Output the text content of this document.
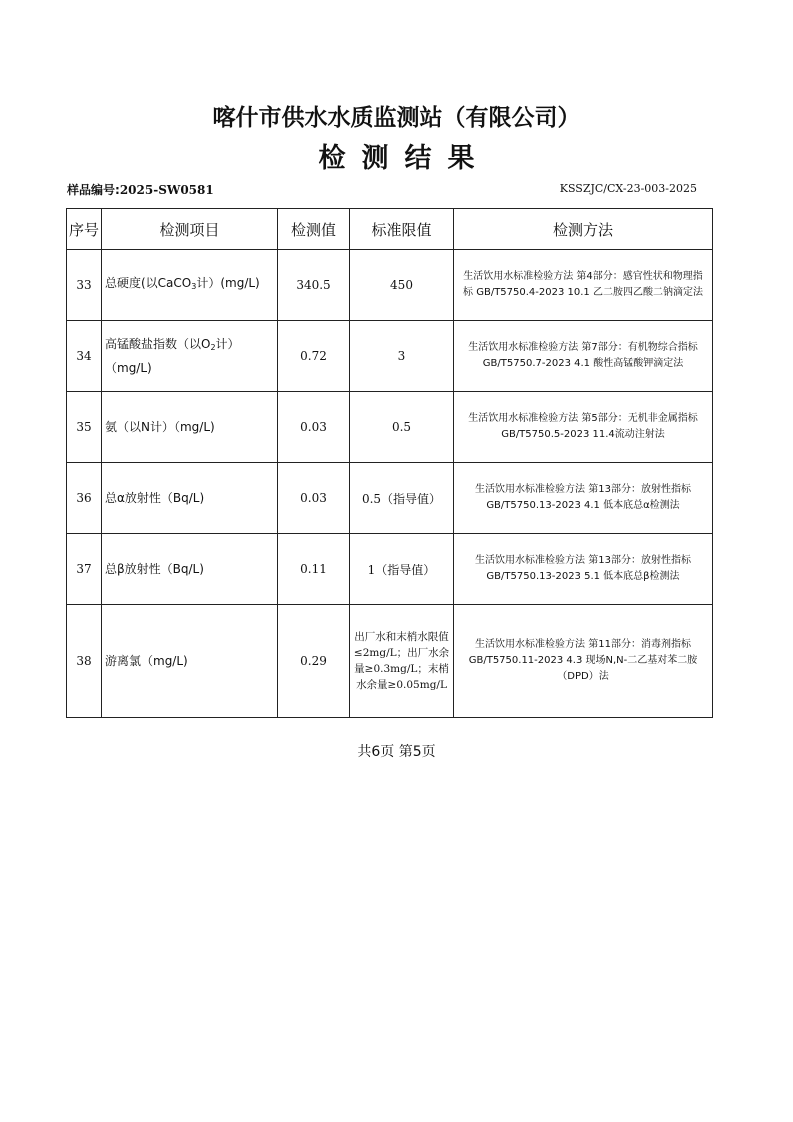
喀什市供水水质监测站（有限公司）
检测结果
样品编号:2025-SW0581	KSSZJC/CX-23-003-2025
序号	检测项目	检测值	标准限值	检测方法
33	总硬度(以CaCO$_3$计）(mg/L)	340.5	450	生活饮用水标准检验方法 第4部分：感官性状和物理指标 GB/T5750.4-2023 10.1 乙二胺四乙酸二钠滴定法
34	高锰酸盐指数（以$O_2$计）（mg/L)	0.72	3	生活饮用水标准检验方法 第7部分：有机物综合指标 GB/T5750.7-2023 4.1 酸性高锰酸钾滴定法
35	氨（以N计）（mg/L)	0.03	0.5	生活饮用水标准检验方法 第5部分：无机非金属指标 GB/T5750.5-2023 11.4流动注射法
36	总α放射性（Bq/L)	0.03	0.5（指导值）	生活饮用水标准检验方法 第13部分：放射性指标GB/T5750.13-2023 4.1 低本底总α检测法
37	总β放射性（Bq/L)	0.11	1（指导值）	生活饮用水标准检验方法 第13部分：放射性指标GB/T5750.13-2023 5.1 低本底总β检测法
38	游离氯（mg/L)	0.29	出厂水和末梢水限值≤2mg/L；出厂水余量≥0.3mg/L；末梢水余量≥0.05mg/L	生活饮用水标准检验方法 第11部分：消毒剂指标 GB/T5750.11-2023 4.3 现场N,N-二乙基对苯二胺（DPD）法
共6页 第5页
